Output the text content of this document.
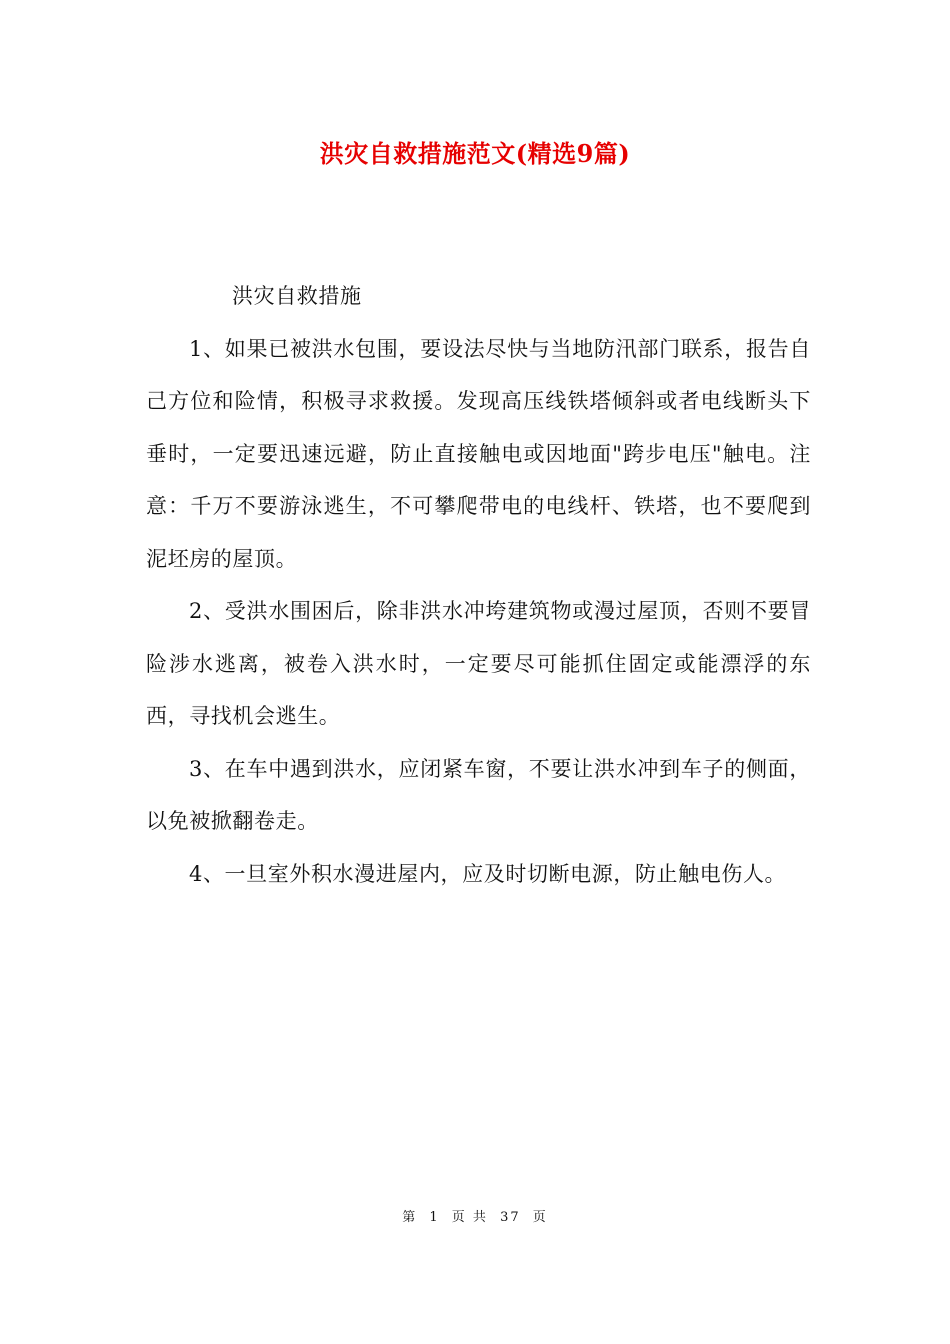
洪灾自救措施范文(精选9篇)

洪灾自救措施

1、如果已被洪水包围，要设法尽快与当地防汛部门联系，报告自己方位和险情，积极寻求救援。发现高压线铁塔倾斜或者电线断头下垂时，一定要迅速远避，防止直接触电或因地面"跨步电压"触电。注意：千万不要游泳逃生，不可攀爬带电的电线杆、铁塔，也不要爬到泥坯房的屋顶。

2、受洪水围困后，除非洪水冲垮建筑物或漫过屋顶，否则不要冒险涉水逃离，被卷入洪水时，一定要尽可能抓住固定或能漂浮的东西，寻找机会逃生。

3、在车中遇到洪水，应闭紧车窗，不要让洪水冲到车子的侧面，以免被掀翻卷走。

4、一旦室外积水漫进屋内，应及时切断电源，防止触电伤人。

第 1 页 共 37 页
